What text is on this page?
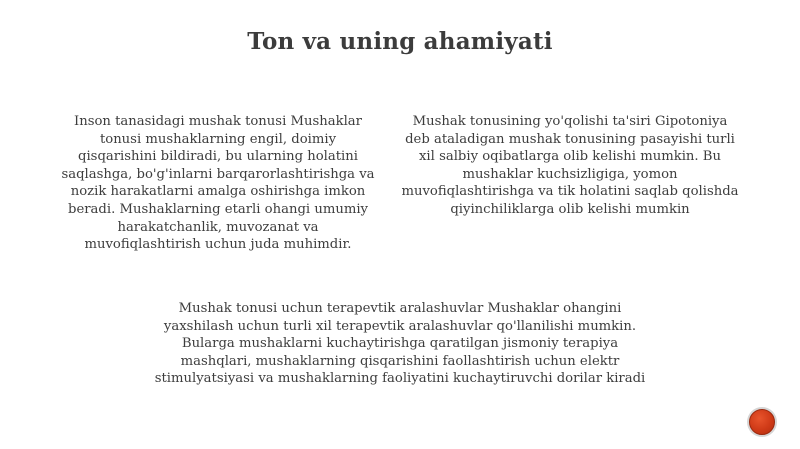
Ton va uning ahamiyati

Inson tanasidagi mushak tonusi Mushaklar tonusi mushaklarning engil, doimiy qisqarishini bildiradi, bu ularning holatini saqlashga, bo'g'inlarni barqarorlashtirishga va nozik harakatlarni amalga oshirishga imkon beradi. Mushaklarning etarli ohangi umumiy harakatchanlik, muvozanat va muvofiqlashtirish uchun juda muhimdir.

Mushak tonusining yo'qolishi ta'siri Gipotoniya deb ataladigan mushak tonusining pasayishi turli xil salbiy oqibatlarga olib kelishi mumkin. Bu mushaklar kuchsizligiga, yomon muvofiqlashtirishga va tik holatini saqlab qolishda qiyinchiliklarga olib kelishi mumkin

Mushak tonusi uchun terapevtik aralashuvlar Mushaklar ohangini yaxshilash uchun turli xil terapevtik aralashuvlar qo'llanilishi mumkin. Bularga mushaklarni kuchaytirishga qaratilgan jismoniy terapiya mashqlari, mushaklarning qisqarishini faollashtirish uchun elektr stimulyatsiyasi va mushaklarning faoliyatini kuchaytiruvchi dorilar kiradi
